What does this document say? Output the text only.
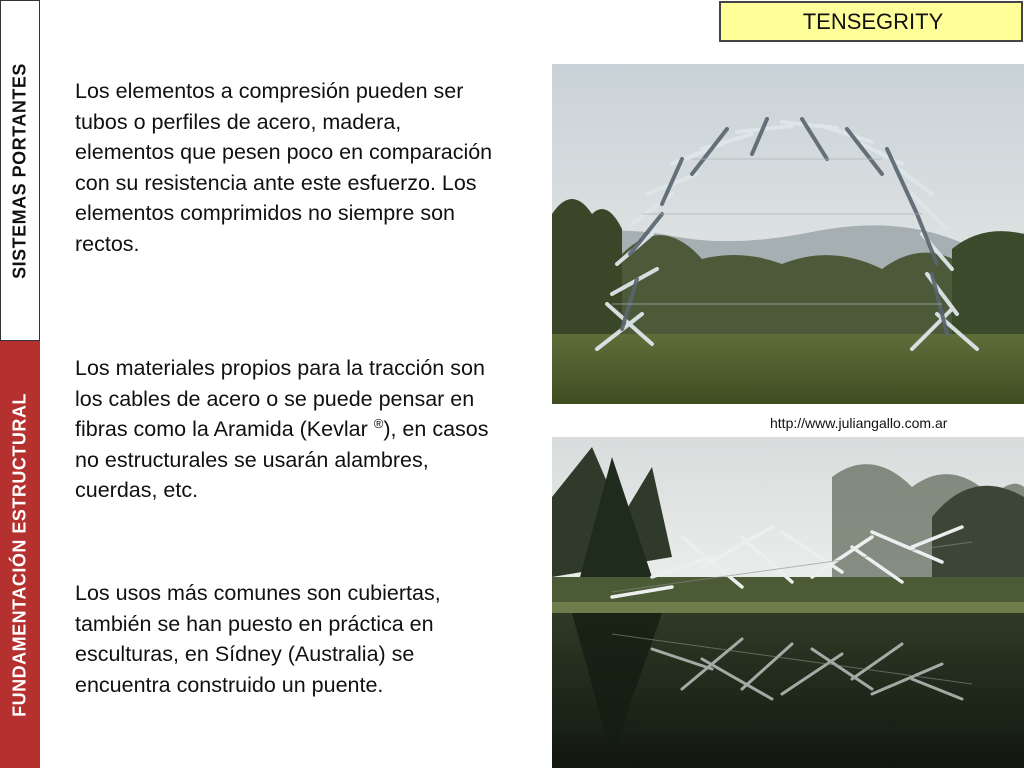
SISTEMAS PORTANTES
FUNDAMENTACIÓN ESTRUCTURAL
TENSEGRITY

Los elementos a compresión pueden ser tubos o perfiles de acero, madera, elementos que pesen poco en comparación con su resistencia ante este esfuerzo. Los elementos comprimidos no siempre son rectos.

Los materiales propios para la tracción son los cables de acero o se puede pensar en fibras como la Aramida (Kevlar ®), en casos no estructurales se usarán alambres, cuerdas, etc.

Los usos más comunes son cubiertas, también se han puesto en práctica en esculturas, en Sídney (Australia) se encuentra construido un puente.

http://www.juliangallo.com.ar
